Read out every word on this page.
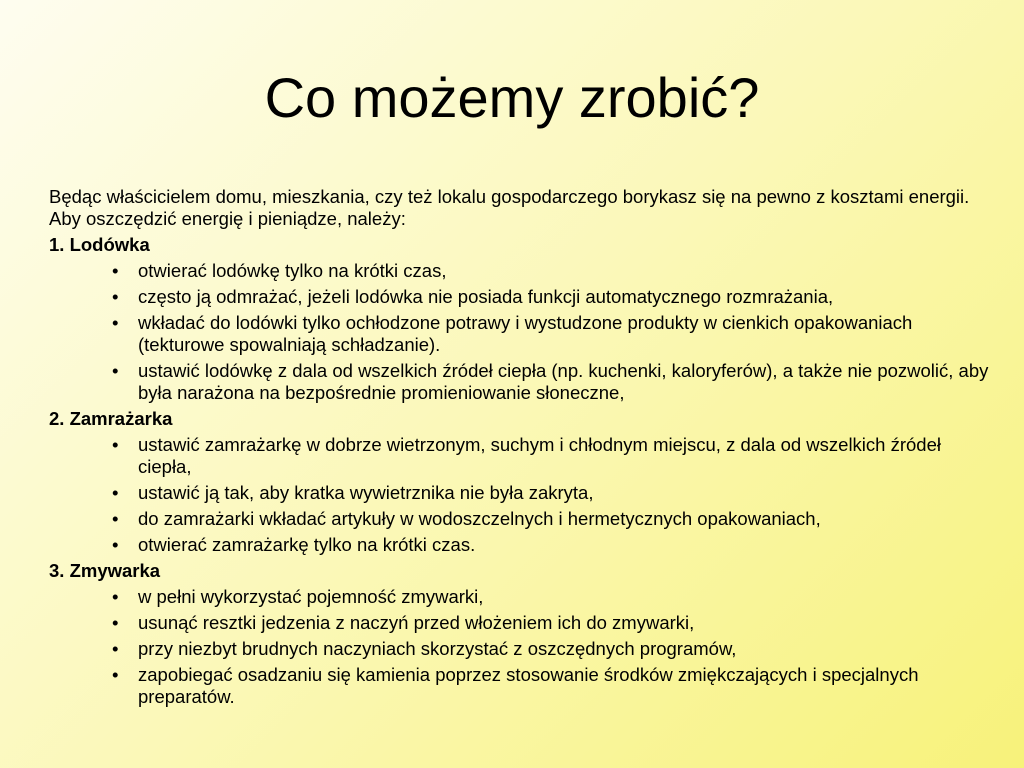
Co możemy zrobić?

Będąc właścicielem domu, mieszkania, czy też lokalu gospodarczego borykasz się na pewno z kosztami energii. Aby oszczędzić energię i pieniądze, należy:

1. Lodówka
• otwierać lodówkę tylko na krótki czas,
• często ją odmrażać, jeżeli lodówka nie posiada funkcji automatycznego rozmrażania,
• wkładać do lodówki tylko ochłodzone potrawy i wystudzone produkty w cienkich opakowaniach (tekturowe spowalniają schładzanie).
• ustawić lodówkę z dala od wszelkich źródeł ciepła (np. kuchenki, kaloryferów), a także nie pozwolić, aby była narażona na bezpośrednie promieniowanie słoneczne,
2. Zamrażarka
• ustawić zamrażarkę w dobrze wietrzonym, suchym i chłodnym miejscu, z dala od wszelkich źródeł ciepła,
• ustawić ją tak, aby kratka wywietrznika nie była zakryta,
• do zamrażarki wkładać artykuły w wodoszczelnych i hermetycznych opakowaniach,
• otwierać zamrażarkę tylko na krótki czas.
3. Zmywarka
• w pełni wykorzystać pojemność zmywarki,
• usunąć resztki jedzenia z naczyń przed włożeniem ich do zmywarki,
• przy niezbyt brudnych naczyniach skorzystać z oszczędnych programów,
• zapobiegać osadzaniu się kamienia poprzez stosowanie środków zmiękczających i specjalnych preparatów.
